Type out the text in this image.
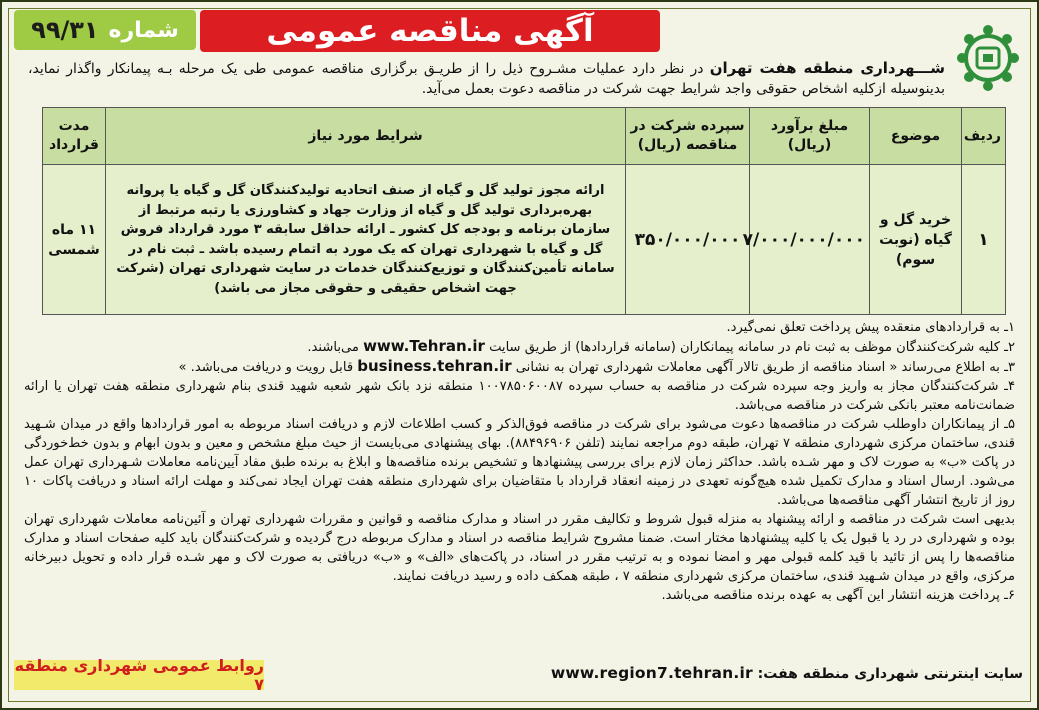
شماره
۹۹/۳۱	آگهی مناقصه عمومی
شـــهرداری منطقه هفت تهران در نظر دارد عملیات مشـروح ذیل را از طریـق برگزاری مناقصه عمومی طی یک مرحله بـه پیمانکار واگذار نماید، بدینوسیله ازکلیه اشخاص حقوقی واجد شرایط جهت شرکت در مناقصه دعوت بعمل می‌آید.
ردیف	موضوع	مبلغ برآورد (ریال)	سپرده شرکت در مناقصه (ریال)	شرایط مورد نیاز	مدت قرارداد
۱	خرید گل و گیاه (نوبت سوم)	۷/۰۰۰/۰۰۰/۰۰۰	۳۵۰/۰۰۰/۰۰۰	ارائه مجوز تولید گل و گیاه از صنف اتحادیه تولیدکنندگان گل و گیاه یا پروانه بهره‌برداری تولید گل و گیاه از وزارت جهاد و کشاورزی یا رتبه مرتبط از سازمان برنامه و بودجه کل کشور ـ ارائه حداقل سابقه ۳ مورد قرارداد فروش گل و گیاه با شهرداری تهران که یک مورد به اتمام رسیده باشد ـ ثبت نام در سامانه تأمین‌کنندگان و توزیع‌کنندگان خدمات در سایت شهرداری تهران (شرکت جهت اشخاص حقیقی و حقوقی مجاز می باشد)	۱۱ ماه شمسی

۱ـ به قراردادهای منعقده پیش پرداخت تعلق نمی‌گیرد.

۲ـ کلیه شرکت‌کنندگان موظف به ثبت نام در سامانه پیمانکاران (سامانه قراردادها) از طریق سایت www.Tehran.ir می‌باشند.

۳ـ به اطلاع می‌رساند « اسناد مناقصه از طریق تالار آگهی معاملات شهرداری تهران به نشانی business.tehran.ir قابل رویت و دریافت می‌باشد. »

۴ـ شرکت‌کنندگان مجاز به واریز وجه سپرده شرکت در مناقصه به حساب سپرده ۱۰۰۷۸۵۰۶۰۰۸۷ منطقه نزد بانک شهر شعبه شهید قندی بنام شهرداری منطقه هفت تهران یا ارائه ضمانت‌نامه معتبر بانکی شرکت در مناقصه می‌باشد.

۵ـ از پیمانکاران داوطلب شرکت در مناقصه‌ها دعوت می‌شود برای شرکت در مناقصه فوق‌الذکر و کسب اطلاعات لازم و دریافت اسناد مربوطه به امور قراردادها واقع در میدان شـهید قندی، ساختمان مرکزی شهرداری منطقه ۷ تهران، طبقه دوم مراجعه نمایند (تلفن ۸۸۴۹۶۹۰۶). بهای پیشنهادی می‌بایست از حیث مبلغ مشخص و معین و بدون ابهام و بدون خط‌خوردگی در پاکت «ب» به صورت لاک و مهر شـده باشد. حداکثر زمان لازم برای بررسی پیشنهادها و تشخیص برنده مناقصه‌ها و ابلاغ به برنده طبق مفاد آیین‌نامه معاملات شـهرداری تهران عمل می‌شود. ارسال اسناد و مدارک تکمیل شده هیچ‌گونه تعهدی در زمینه انعقاد قرارداد با متقاضیان برای شهرداری منطقه هفت تهران ایجاد نمی‌کند و مهلت ارائه اسناد و دریافت پاکات ۱۰ روز از تاریخ انتشار آگهی مناقصه‌ها می‌باشد.

بدیهی است شرکت در مناقصه و ارائه پیشنهاد به منزله قبول شروط و تکالیف مقرر در اسناد و مدارک مناقصه و قوانین و مقررات شهرداری تهران و آئین‌نامه معاملات شهرداری تهران بوده و شهرداری در رد یا قبول یک یا کلیه پیشنهادها مختار است. ضمنا مشروح شرایط مناقصه در اسناد و مدارک مربوطه درج گردیده و شرکت‌کنندگان باید کلیه صفحات اسناد و مدارک مناقصه‌ها را پس از تائید با قید کلمه قبولی مهر و امضا نموده و به ترتیب مقرر در اسناد، در پاکت‌های «الف» و «ب» دریافتی به صورت لاک و مهر شـده قرار داده و تحویل دبیرخانه مرکزی، واقع در میدان شـهید قندی، ساختمان مرکزی شهرداری منطقه ۷ ، طبقه همکف داده و رسید دریافت نمایند.

۶ـ پرداخت هزینه انتشار این آگهی به عهده برنده مناقصه می‌باشد.

سایت اینترنتی شهرداری منطقه هفت: www.region7.tehran.ir
روابط عمومی شهرداری منطقه ۷
